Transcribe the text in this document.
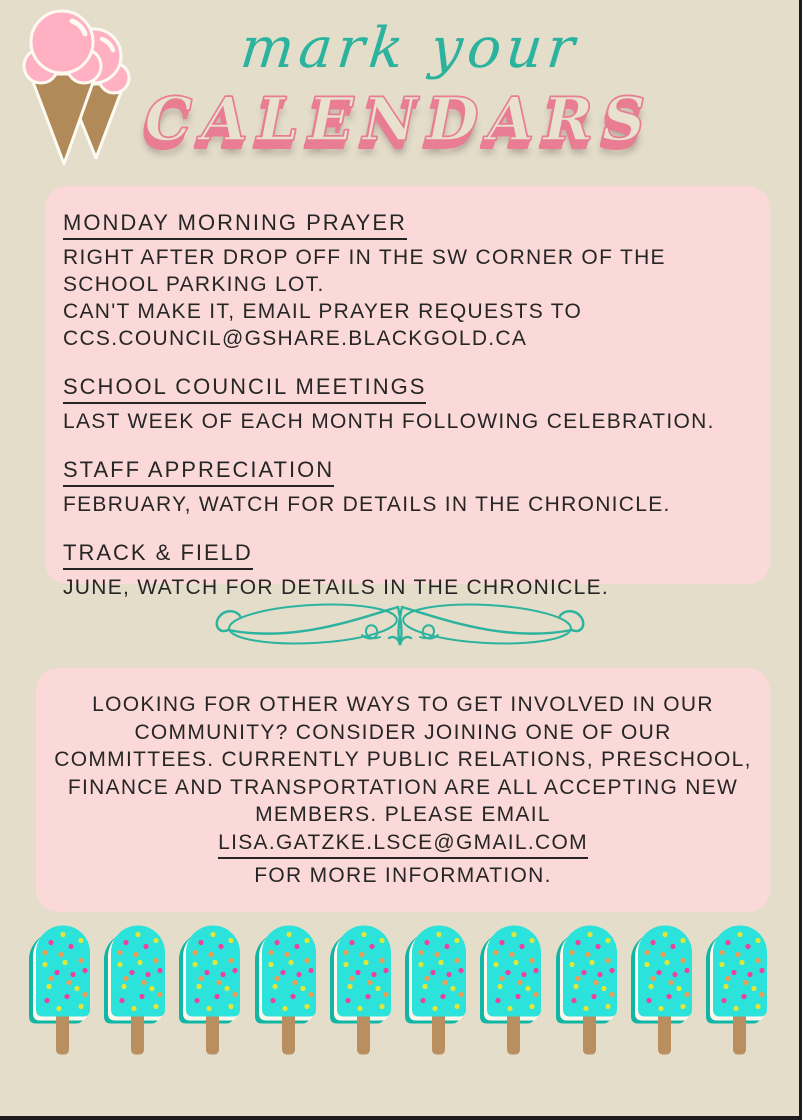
mark your
CALENDARS
MONDAY MORNING PRAYER
RIGHT AFTER DROP OFF IN THE SW CORNER OF THE
SCHOOL PARKING LOT.
CAN'T MAKE IT, EMAIL PRAYER REQUESTS TO
CCS.COUNCIL@GSHARE.BLACKGOLD.CA
SCHOOL COUNCIL MEETINGS
LAST WEEK OF EACH MONTH FOLLOWING CELEBRATION.
STAFF APPRECIATION
FEBRUARY, WATCH FOR DETAILS IN THE CHRONICLE.
TRACK & FIELD
JUNE, WATCH FOR DETAILS IN THE CHRONICLE.
LOOKING FOR OTHER WAYS TO GET INVOLVED IN OUR
COMMUNITY? CONSIDER JOINING ONE OF OUR
COMMITTEES. CURRENTLY PUBLIC RELATIONS, PRESCHOOL,
FINANCE AND TRANSPORTATION ARE ALL ACCEPTING NEW
MEMBERS. PLEASE EMAIL
LISA.GATZKE.LSCE@GMAIL.COM
FOR MORE INFORMATION.
